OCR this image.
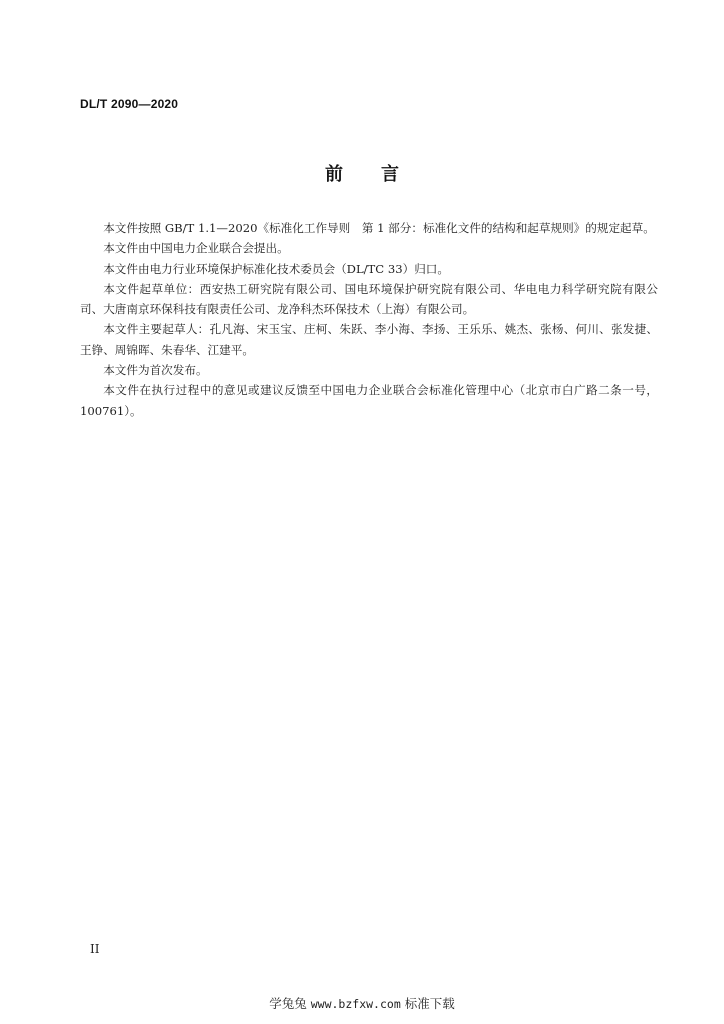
DL/T 2090—2020
前 言

本文件按照 GB/T 1.1—2020《标准化工作导则　第 1 部分：标准化文件的结构和起草规则》的规定起草。

本文件由中国电力企业联合会提出。

本文件由电力行业环境保护标准化技术委员会（DL/TC 33）归口。

本文件起草单位：西安热工研究院有限公司、国电环境保护研究院有限公司、华电电力科学研究院有限公司、大唐南京环保科技有限责任公司、龙净科杰环保技术（上海）有限公司。

本文件主要起草人：孔凡海、宋玉宝、庄柯、朱跃、李小海、李扬、王乐乐、姚杰、张杨、何川、张发捷、王铮、周锦晖、朱春华、江建平。

本文件为首次发布。

本文件在执行过程中的意见或建议反馈至中国电力企业联合会标准化管理中心（北京市白广路二条一号，100761）。

II
学兔兔 www.bzfxw.com 标准下载
